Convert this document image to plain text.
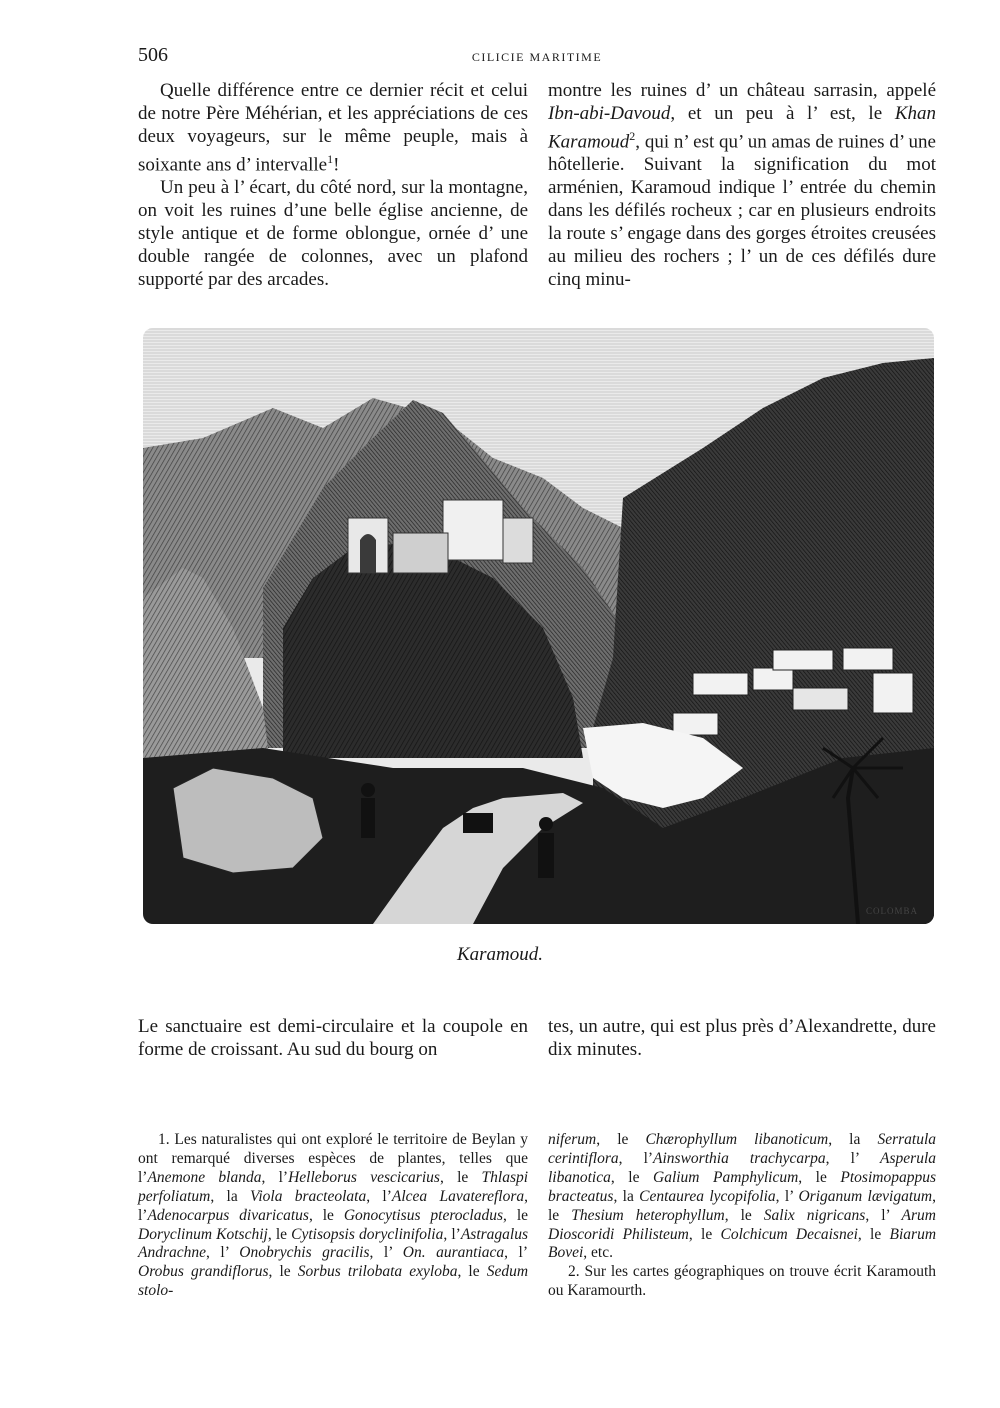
506	CILICIE MARITIME

Quelle différence entre ce dernier récit et celui de notre Père Méhérian, et les appréciations de ces deux voyageurs, sur le même peuple, mais à soixante ans d’ intervalle$^1$!

Un peu à l’ écart, du côté nord, sur la montagne, on voit les ruines d’une belle église ancienne, de style antique et de forme oblongue, ornée d’ une double rangée de colonnes, avec un plafond supporté par des arcades.

montre les ruines d’ un château sarrasin, appelé Ibn-abi-Davoud, et un peu à l’ est, le Khan Karamoud$^2$, qui n’ est qu’ un amas de ruines d’ une hôtellerie. Suivant la signification du mot arménien, Karamoud indique l’ entrée du chemin dans les défilés rocheux ; car en plusieurs endroits la route s’ engage dans des gorges étroites creusées au milieu des rochers ; l’ un de ces défilés dure cinq minu-

COLOMBA
Karamoud.

Le sanctuaire est demi-circulaire et la coupole en forme de croissant. Au sud du bourg on

tes, un autre, qui est plus près d’Alexandrette, dure dix minutes.

1. Les naturalistes qui ont exploré le territoire de Beylan y ont remarqué diverses espèces de plantes, telles que l’Anemone blanda, l’Helleborus vescicarius, le Thlaspi perfoliatum, la Viola bracteolata, l’Alcea Lavatereflora, l’Adenocarpus divaricatus, le Gonocytisus pterocladus, le Doryclinum Kotschij, le Cytisopsis doryclinifolia, l’Astragalus Andrachne, l’ Onobrychis gracilis, l’ On. aurantiaca, l’ Orobus grandiflorus, le Sorbus trilobata exyloba, le Sedum stolo-

niferum, le Chærophyllum libanoticum, la Serratula cerintiflora, l’Ainsworthia trachycarpa, l’ Asperula libanotica, le Galium Pamphylicum, le Ptosimopappus bracteatus, la Centaurea lycopifolia, l’ Origanum lævigatum, le Thesium heterophyllum, le Salix nigricans, l’ Arum Dioscoridi Philisteum, le Colchicum Decaisnei, le Biarum Bovei, etc.

2. Sur les cartes géographiques on trouve écrit Karamouth ou Karamourth.
